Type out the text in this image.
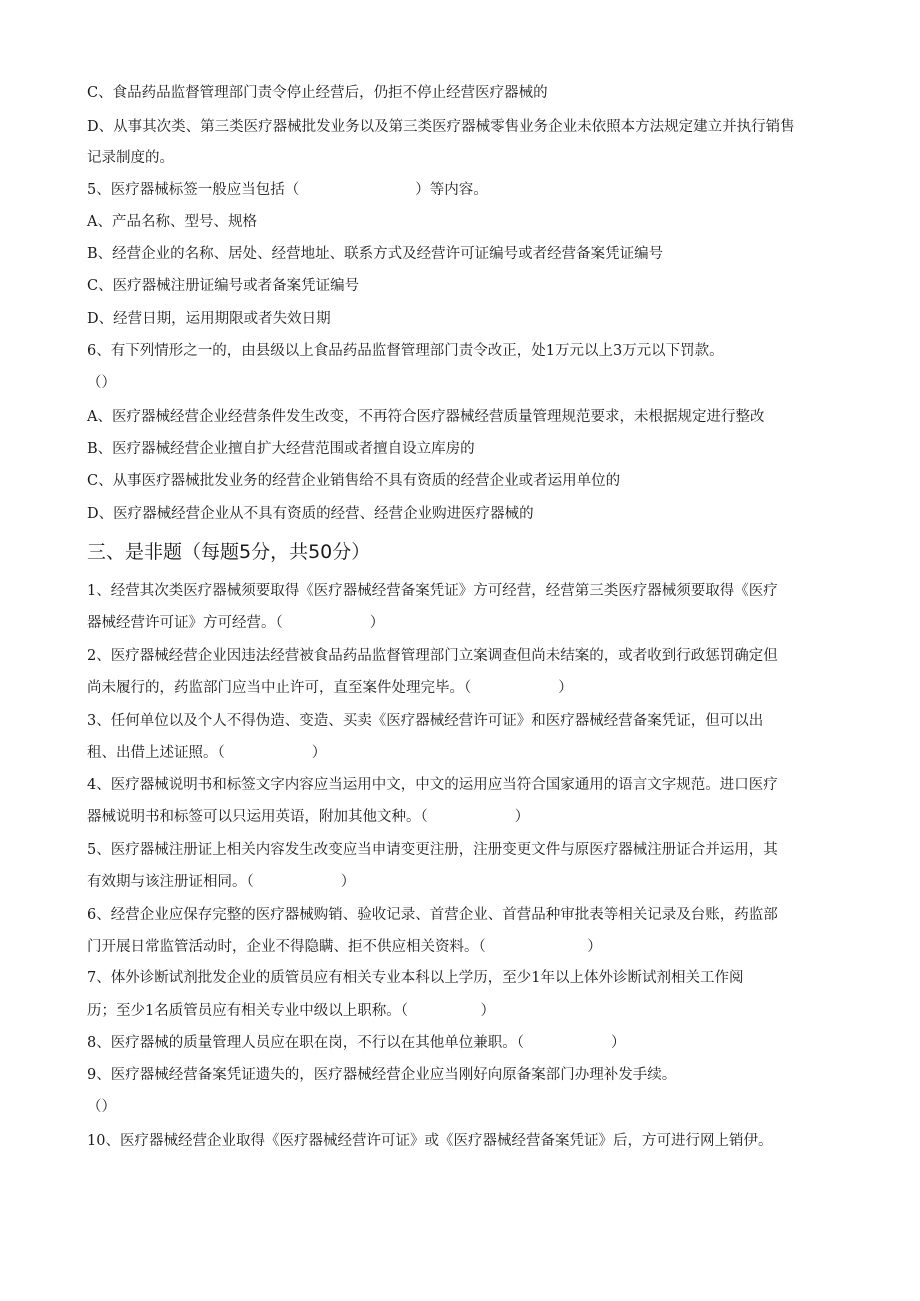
C、食品药品监督管理部门责令停止经营后，仍拒不停止经营医疗器械的
D、从事其次类、第三类医疗器械批发业务以及第三类医疗器械零售业务企业未依照本方法规定建立并执行销售
记录制度的。
5、医疗器械标签一般应当包括（　　　　　　　　）等内容。
A、产品名称、型号、规格
B、经营企业的名称、居处、经营地址、联系方式及经营许可证编号或者经营备案凭证编号
C、医疗器械注册证编号或者备案凭证编号
D、经营日期，运用期限或者失效日期
6、有下列情形之一的，由县级以上食品药品监督管理部门责令改正，处1万元以上3万元以下罚款。
（）
A、医疗器械经营企业经营条件发生改变，不再符合医疗器械经营质量管理规范要求，未根据规定进行整改
B、医疗器械经营企业擅自扩大经营范围或者擅自设立库房的
C、从事医疗器械批发业务的经营企业销售给不具有资质的经营企业或者运用单位的
D、医疗器械经营企业从不具有资质的经营、经营企业购进医疗器械的
三、是非题（每题5分，共50分）
1、经营其次类医疗器械须要取得《医疗器械经营备案凭证》方可经营，经营第三类医疗器械须要取得《医疗
器械经营许可证》方可经营。（　　　　　　）
2、医疗器械经营企业因违法经营被食品药品监督管理部门立案调查但尚未结案的，或者收到行政惩罚确定但
尚未履行的，药监部门应当中止许可，直至案件处理完毕。（　　　　　　）
3、任何单位以及个人不得伪造、变造、买卖《医疗器械经营许可证》和医疗器械经营备案凭证，但可以出
租、出借上述证照。（　　　　　　）
4、医疗器械说明书和标签文字内容应当运用中文，中文的运用应当符合国家通用的语言文字规范。进口医疗
器械说明书和标签可以只运用英语，附加其他文种。（　　　　　　）
5、医疗器械注册证上相关内容发生改变应当申请变更注册，注册变更文件与原医疗器械注册证合并运用，其
有效期与该注册证相同。（　　　　　　）
6、经营企业应保存完整的医疗器械购销、验收记录、首营企业、首营品种审批表等相关记录及台账，药监部
门开展日常监管活动时，企业不得隐瞒、拒不供应相关资料。（　　　　　　　）
7、体外诊断试剂批发企业的质管员应有相关专业本科以上学历，至少1年以上体外诊断试剂相关工作阅
历；至少1名质管员应有相关专业中级以上职称。（　　　　　）
8、医疗器械的质量管理人员应在职在岗，不行以在其他单位兼职。（　　　　　　）
9、医疗器械经营备案凭证遗失的，医疗器械经营企业应当刚好向原备案部门办理补发手续。
（）
10、医疗器械经营企业取得《医疗器械经营许可证》或《医疗器械经营备案凭证》后，方可进行网上销伊。
